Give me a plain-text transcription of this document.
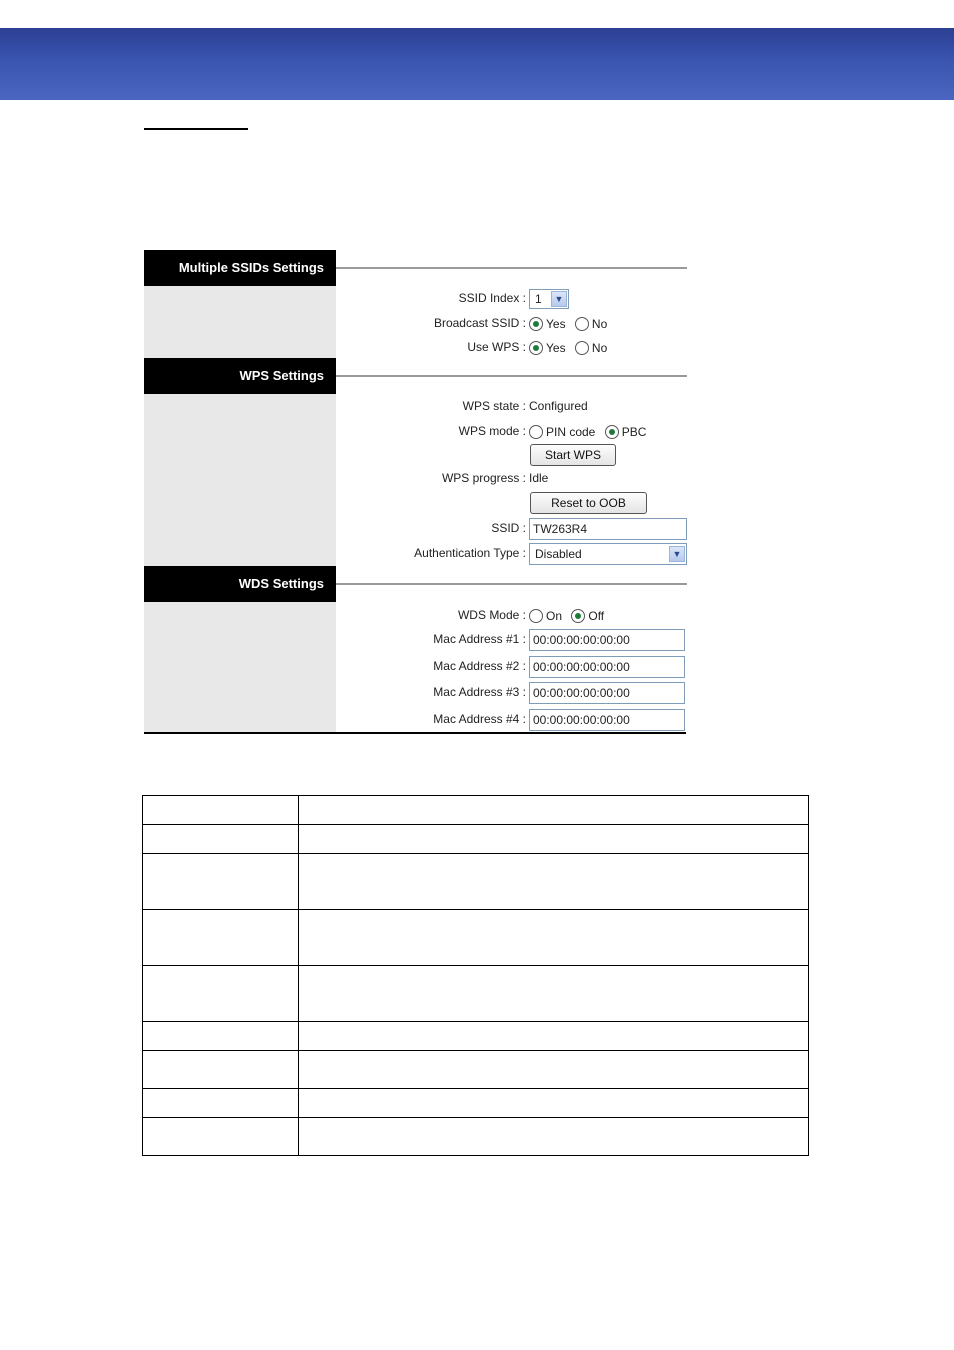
Multiple SSIDs Settings
SSID Index : 1	▼
Broadcast SSID :	Yes No
Use WPS :	Yes No
WPS Settings
WPS state : Configured
WPS mode :	PIN code PBC
Start WPS
WPS progress : Idle
Reset to OOB
SSID : TW263R4
Authentication Type : Disabled	▼
WDS Settings
WDS Mode :	On Off
Mac Address #1 : 00:00:00:00:00:00
Mac Address #2 : 00:00:00:00:00:00
Mac Address #3 : 00:00:00:00:00:00
Mac Address #4 : 00:00:00:00:00:00
